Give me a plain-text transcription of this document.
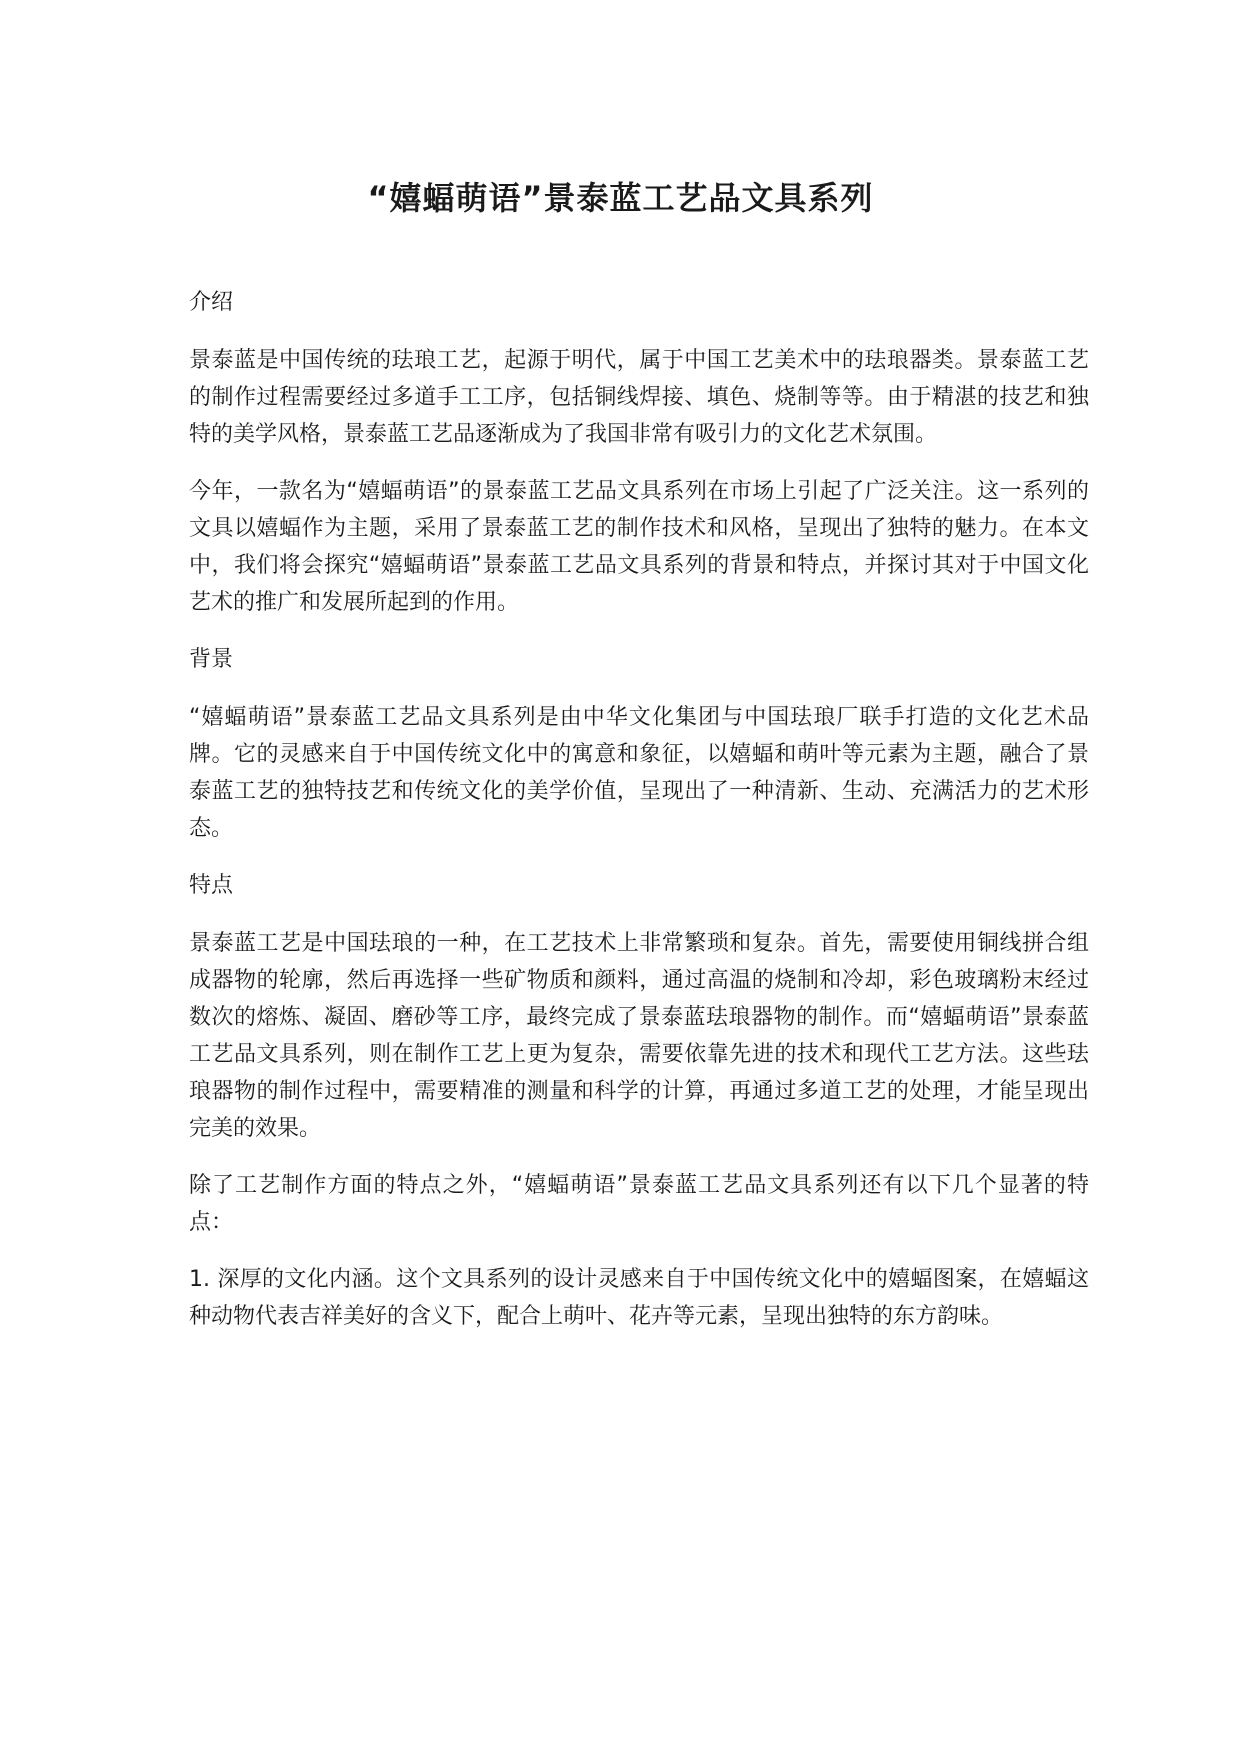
“嬉蝠萌语”景泰蓝工艺品文具系列
介绍

景泰蓝是中国传统的珐琅工艺，起源于明代，属于中国工艺美术中的珐琅器类。景泰蓝工艺的制作过程需要经过多道手工工序，包括铜线焊接、填色、烧制等等。由于精湛的技艺和独特的美学风格，景泰蓝工艺品逐渐成为了我国非常有吸引力的文化艺术氛围。

今年，一款名为“嬉蝠萌语”的景泰蓝工艺品文具系列在市场上引起了广泛关注。这一系列的文具以嬉蝠作为主题，采用了景泰蓝工艺的制作技术和风格，呈现出了独特的魅力。在本文中，我们将会探究“嬉蝠萌语”景泰蓝工艺品文具系列的背景和特点，并探讨其对于中国文化艺术的推广和发展所起到的作用。

背景

“嬉蝠萌语”景泰蓝工艺品文具系列是由中华文化集团与中国珐琅厂联手打造的文化艺术品牌。它的灵感来自于中国传统文化中的寓意和象征，以嬉蝠和萌叶等元素为主题，融合了景泰蓝工艺的独特技艺和传统文化的美学价值，呈现出了一种清新、生动、充满活力的艺术形态。

特点

景泰蓝工艺是中国珐琅的一种，在工艺技术上非常繁琐和复杂。首先，需要使用铜线拼合组成器物的轮廓，然后再选择一些矿物质和颜料，通过高温的烧制和冷却，彩色玻璃粉末经过数次的熔炼、凝固、磨砂等工序，最终完成了景泰蓝珐琅器物的制作。而“嬉蝠萌语”景泰蓝工艺品文具系列，则在制作工艺上更为复杂，需要依靠先进的技术和现代工艺方法。这些珐琅器物的制作过程中，需要精准的测量和科学的计算，再通过多道工艺的处理，才能呈现出完美的效果。

除了工艺制作方面的特点之外，“嬉蝠萌语”景泰蓝工艺品文具系列还有以下几个显著的特点：

1. 深厚的文化内涵。这个文具系列的设计灵感来自于中国传统文化中的嬉蝠图案，在嬉蝠这种动物代表吉祥美好的含义下，配合上萌叶、花卉等元素，呈现出独特的东方韵味。
